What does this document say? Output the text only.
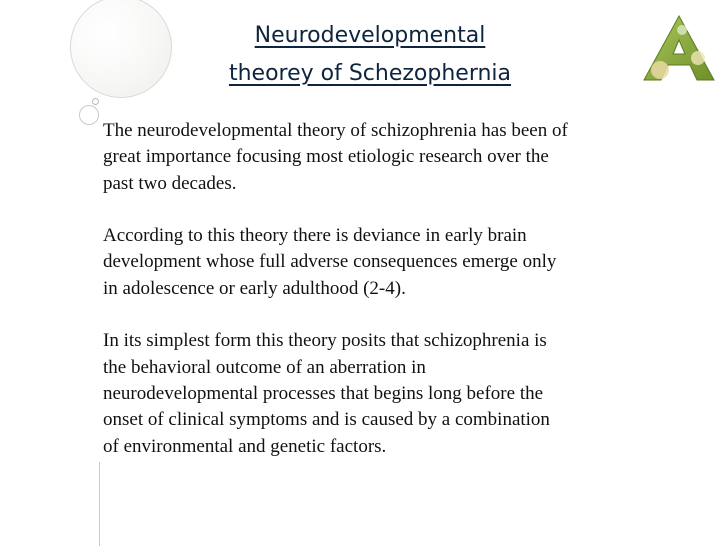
Neurodevelopmental
theorey of Schezophernia

The neurodevelopmental theory of schizophrenia has been of
great importance focusing most etiologic research over the
past two decades.

According to this theory there is deviance in early brain
development whose full adverse consequences emerge only
in adolescence or early adulthood (2-4).

In its simplest form this theory posits that schizophrenia is
the behavioral outcome of an aberration in
neurodevelopmental processes that begins long before the
onset of clinical symptoms and is caused by a combination
of environmental and genetic factors.
